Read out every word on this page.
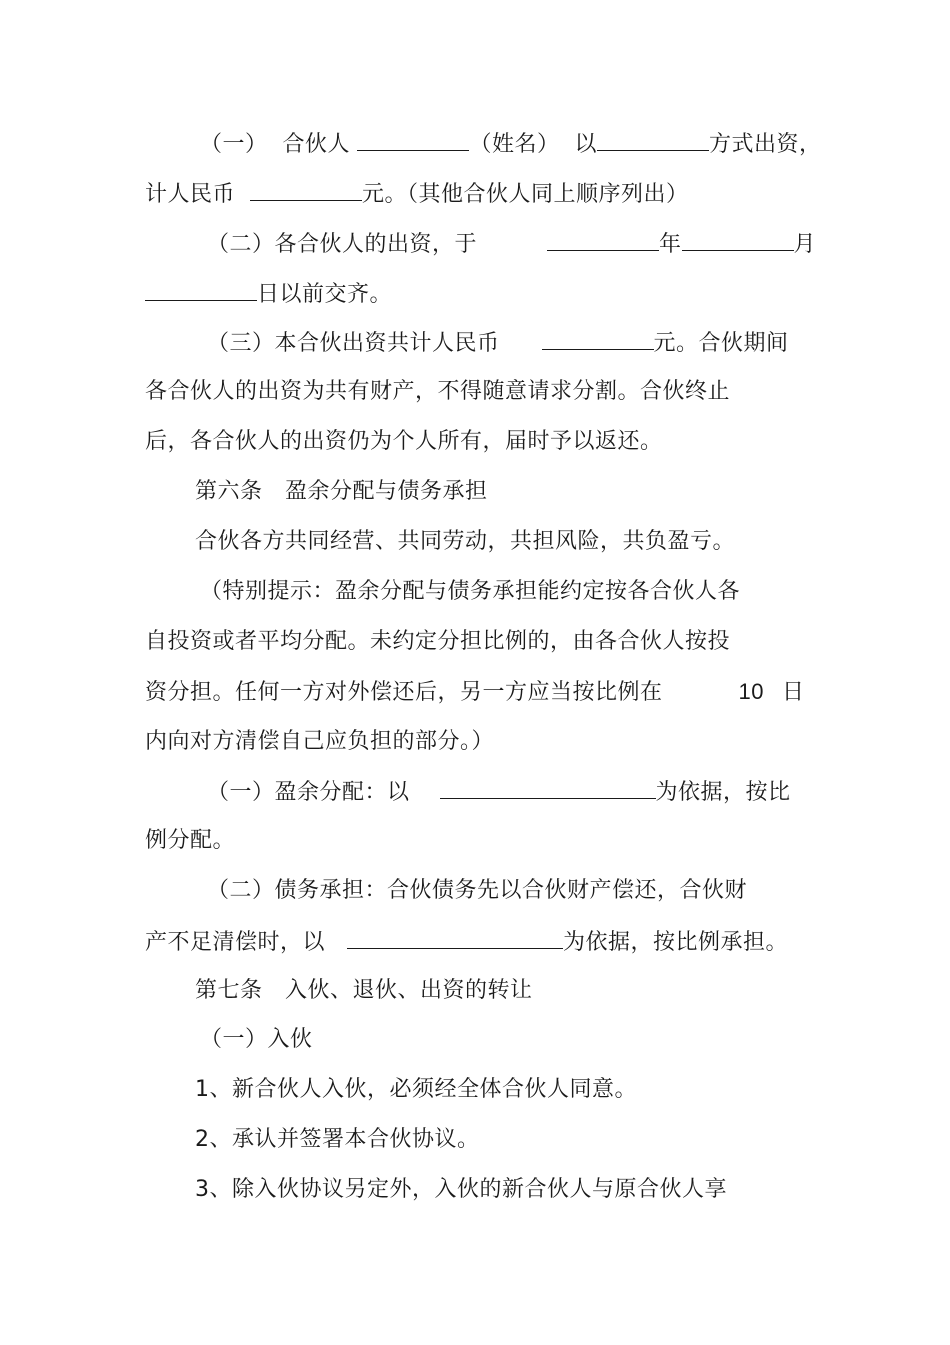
（一）  合伙人	（姓名）  以	方式出资，
计人民币	元。（其他合伙人同上顺序列出）
（二）各合伙人的出资，于	年	月
日以前交齐。
（三）本合伙出资共计人民币	元。合伙期间
各合伙人的出资为共有财产，不得随意请求分割。合伙终止
后，各合伙人的出资仍为个人所有，届时予以返还。
第六条   盈余分配与债务承担
合伙各方共同经营、共同劳动，共担风险，共负盈亏。
（特别提示：盈余分配与债务承担能约定按各合伙人各
自投资或者平均分配。未约定分担比例的，由各合伙人按投
资分担。任何一方对外偿还后，另一方应当按比例在	10 日
内向对方清偿自己应负担的部分。）
（一）盈余分配：以	为依据，按比
例分配。
（二）债务承担：合伙债务先以合伙财产偿还，合伙财
产不足清偿时，以	为依据，按比例承担。
第七条   入伙、退伙、出资的转让
（一）入伙
1、新合伙人入伙，必须经全体合伙人同意。
2、承认并签署本合伙协议。
3、除入伙协议另定外，入伙的新合伙人与原合伙人享
